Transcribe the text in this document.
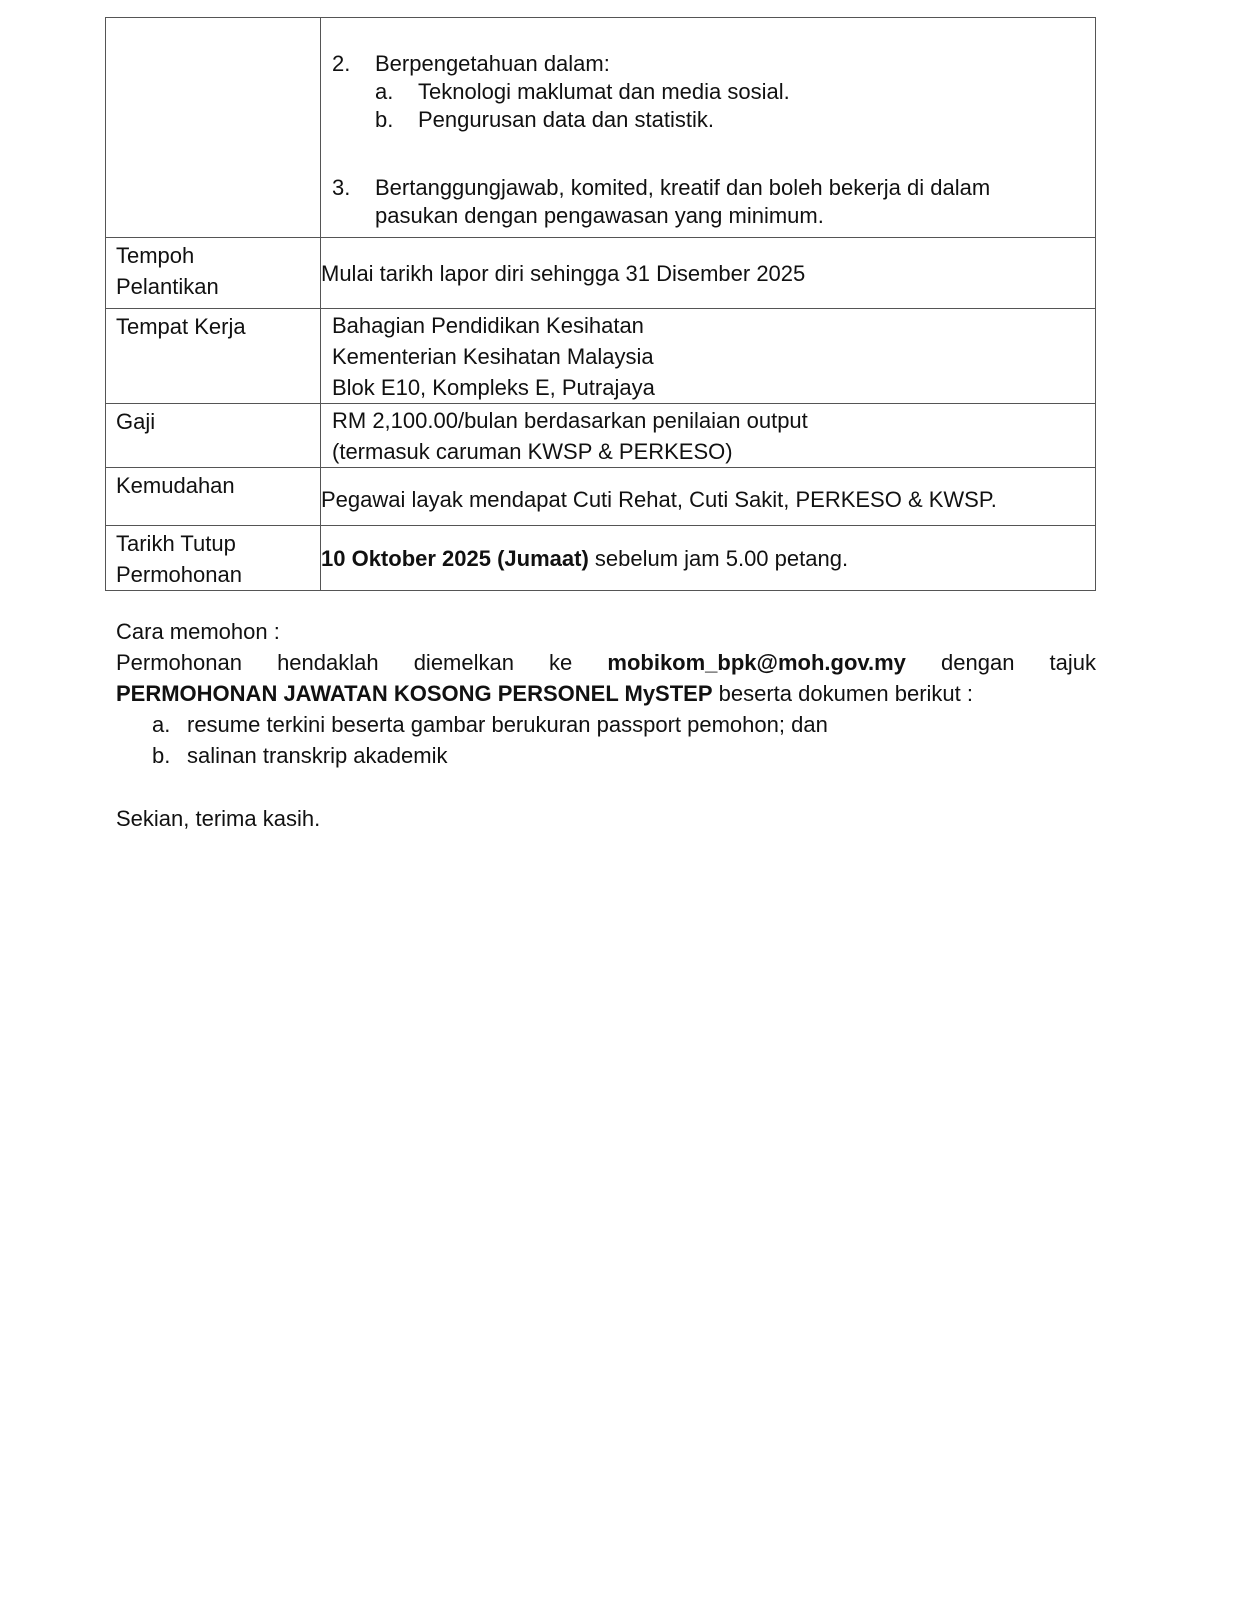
2.	Berpengetahuan dalam:
a.	Teknologi maklumat dan media sosial.
b.	Pengurusan data dan statistik.
3.	Bertanggungjawab, komited, kreatif dan boleh bekerja di dalam
pasukan dengan pengawasan yang minimum.

Tempoh
Pelantikan	Mulai tarikh lapor diri sehingga 31 Disember 2025

Tempat Kerja	Bahagian Pendidikan Kesihatan
Kementerian Kesihatan Malaysia
Blok E10, Kompleks E, Putrajaya

Gaji	RM 2,100.00/bulan berdasarkan penilaian output
(termasuk caruman KWSP & PERKESO)

Kemudahan	Pegawai layak mendapat Cuti Rehat, Cuti Sakit, PERKESO & KWSP.

Tarikh Tutup
Permohonan	10 Oktober 2025 (Jumaat) sebelum jam 5.00 petang.
Cara memohon :
Permohonan hendaklah diemelkan ke mobikom_bpk@moh.gov.my dengan tajuk
PERMOHONAN JAWATAN KOSONG PERSONEL MySTEP beserta dokumen berikut :
a. resume terkini beserta gambar berukuran passport pemohon; dan
b. salinan transkrip akademik
Sekian, terima kasih.
